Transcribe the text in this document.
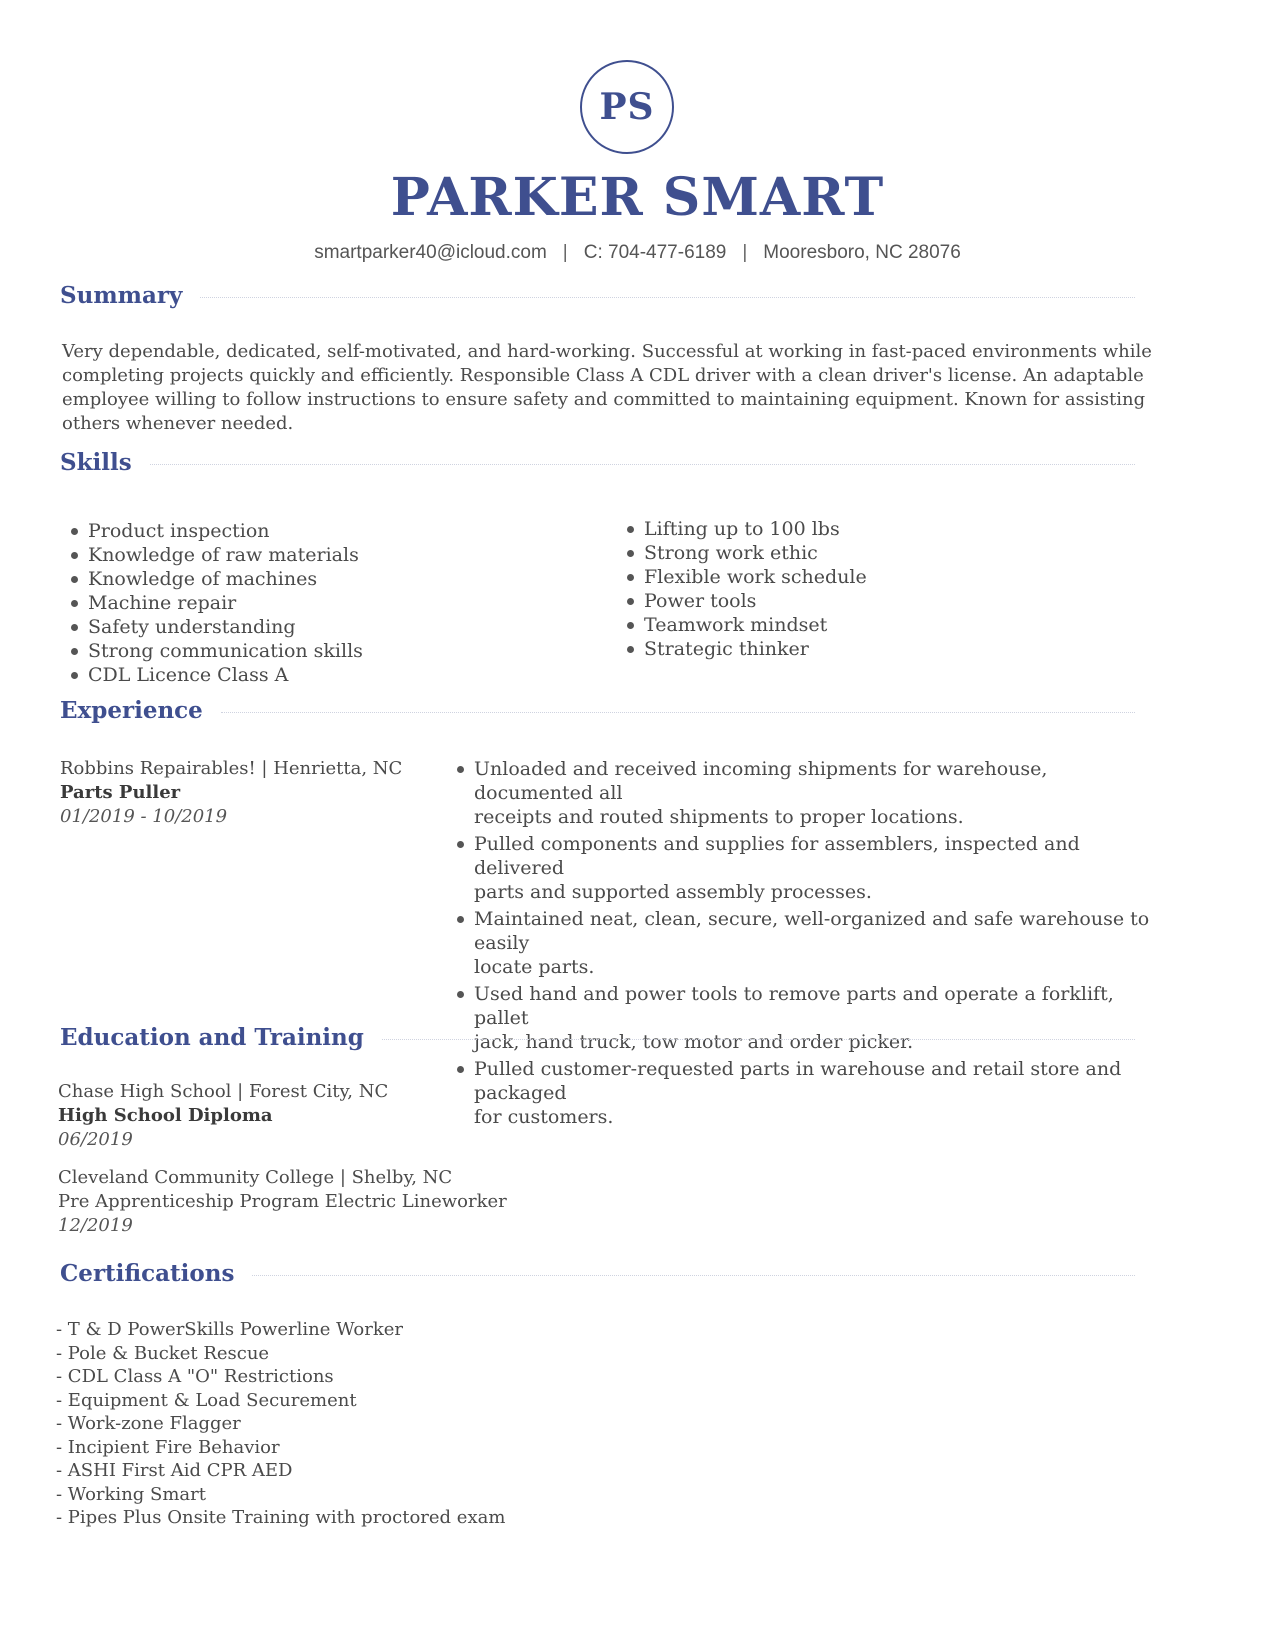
PS
PARKER SMART
smartparker40@icloud.com | C: 704-477-6189 | Mooresboro, NC 28076
Summary
Very dependable, dedicated, self-motivated, and hard-working. Successful at working in fast-paced environments while
completing projects quickly and efficiently. Responsible Class A CDL driver with a clean driver's license. An adaptable
employee willing to follow instructions to ensure safety and committed to maintaining equipment. Known for assisting
others whenever needed.
Skills
Product inspection
Knowledge of raw materials
Knowledge of machines
Machine repair
Safety understanding
Strong communication skills
CDL Licence Class A
Lifting up to 100 lbs
Strong work ethic
Flexible work schedule
Power tools
Teamwork mindset
Strategic thinker
Experience
Robbins Repairables! | Henrietta, NC
Parts Puller
01/2019 - 10/2019
Unloaded and received incoming shipments for warehouse, documented all
receipts and routed shipments to proper locations.
Pulled components and supplies for assemblers, inspected and delivered
parts and supported assembly processes.
Maintained neat, clean, secure, well-organized and safe warehouse to easily
locate parts.
Used hand and power tools to remove parts and operate a forklift, pallet
jack, hand truck, tow motor and order picker.
Pulled customer-requested parts in warehouse and retail store and packaged
for customers.
Education and Training
Chase High School | Forest City, NC
High School Diploma
06/2019
Cleveland Community College | Shelby, NC
Pre Apprenticeship Program Electric Lineworker
12/2019
Certifications
- T & D PowerSkills Powerline Worker
- Pole & Bucket Rescue
- CDL Class A "O" Restrictions
- Equipment & Load Securement
- Work-zone Flagger
- Incipient Fire Behavior
- ASHI First Aid CPR AED
- Working Smart
- Pipes Plus Onsite Training with proctored exam
